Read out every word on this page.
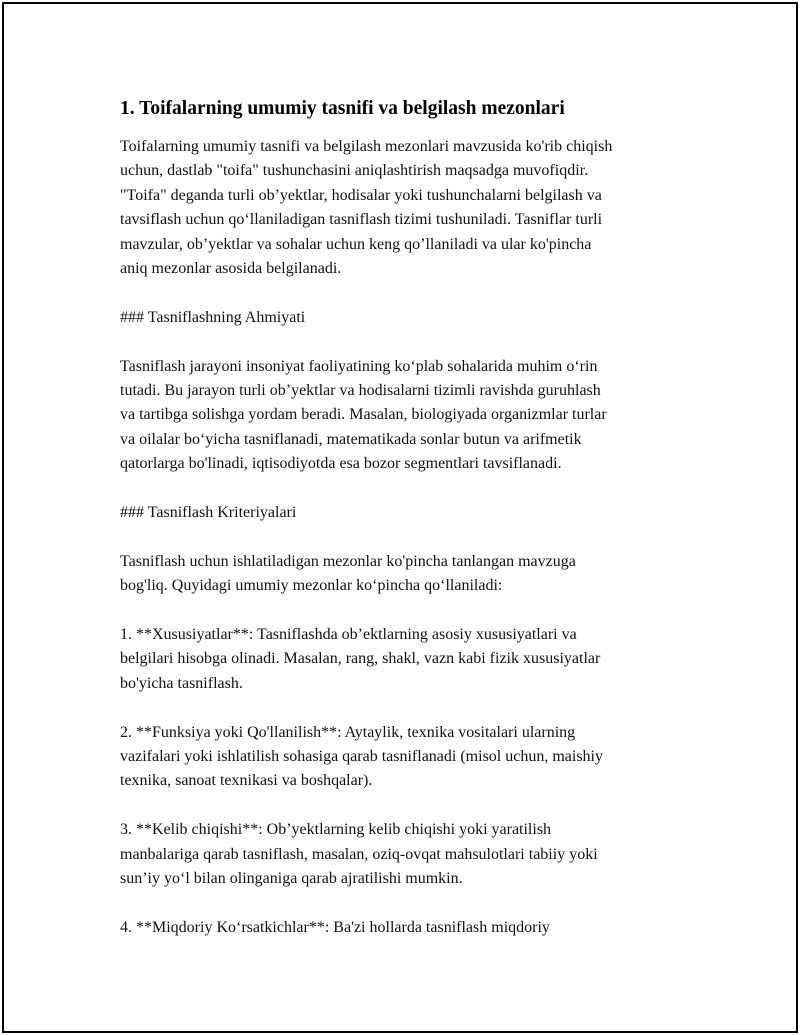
1. Toifalarning umumiy tasnifi va belgilash mezonlari

Toifalarning umumiy tasnifi va belgilash mezonlari mavzusida ko'rib chiqish
uchun, dastlab "toifa" tushunchasini aniqlashtirish maqsadga muvofiqdir.
"Toifa" deganda turli ob’yektlar, hodisalar yoki tushunchalarni belgilash va
tavsiflash uchun qo‘llaniladigan tasniflash tizimi tushuniladi. Tasniflar turli
mavzular, ob’yektlar va sohalar uchun keng qo’llaniladi va ular ko'pincha
aniq mezonlar asosida belgilanadi.

### Tasniflashning Ahmiyati

Tasniflash jarayoni insoniyat faoliyatining ko‘plab sohalarida muhim o‘rin
tutadi. Bu jarayon turli ob’yektlar va hodisalarni tizimli ravishda guruhlash
va tartibga solishga yordam beradi. Masalan, biologiyada organizmlar turlar
va oilalar bo‘yicha tasniflanadi, matematikada sonlar butun va arifmetik
qatorlarga bo'linadi, iqtisodiyotda esa bozor segmentlari tavsiflanadi.

### Tasniflash Kriteriyalari

Tasniflash uchun ishlatiladigan mezonlar ko'pincha tanlangan mavzuga
bog'liq. Quyidagi umumiy mezonlar ko‘pincha qo‘llaniladi:

1. **Xususiyatlar**: Tasniflashda ob’ektlarning asosiy xususiyatlari va
belgilari hisobga olinadi. Masalan, rang, shakl, vazn kabi fizik xususiyatlar
bo'yicha tasniflash.

2. **Funksiya yoki Qo'llanilish**: Aytaylik, texnika vositalari ularning
vazifalari yoki ishlatilish sohasiga qarab tasniflanadi (misol uchun, maishiy
texnika, sanoat texnikasi va boshqalar).

3. **Kelib chiqishi**: Ob’yektlarning kelib chiqishi yoki yaratilish
manbalariga qarab tasniflash, masalan, oziq-ovqat mahsulotlari tabiiy yoki
sun’iy yo‘l bilan olinganiga qarab ajratilishi mumkin.

4. **Miqdoriy Ko‘rsatkichlar**: Ba'zi hollarda tasniflash miqdoriy
